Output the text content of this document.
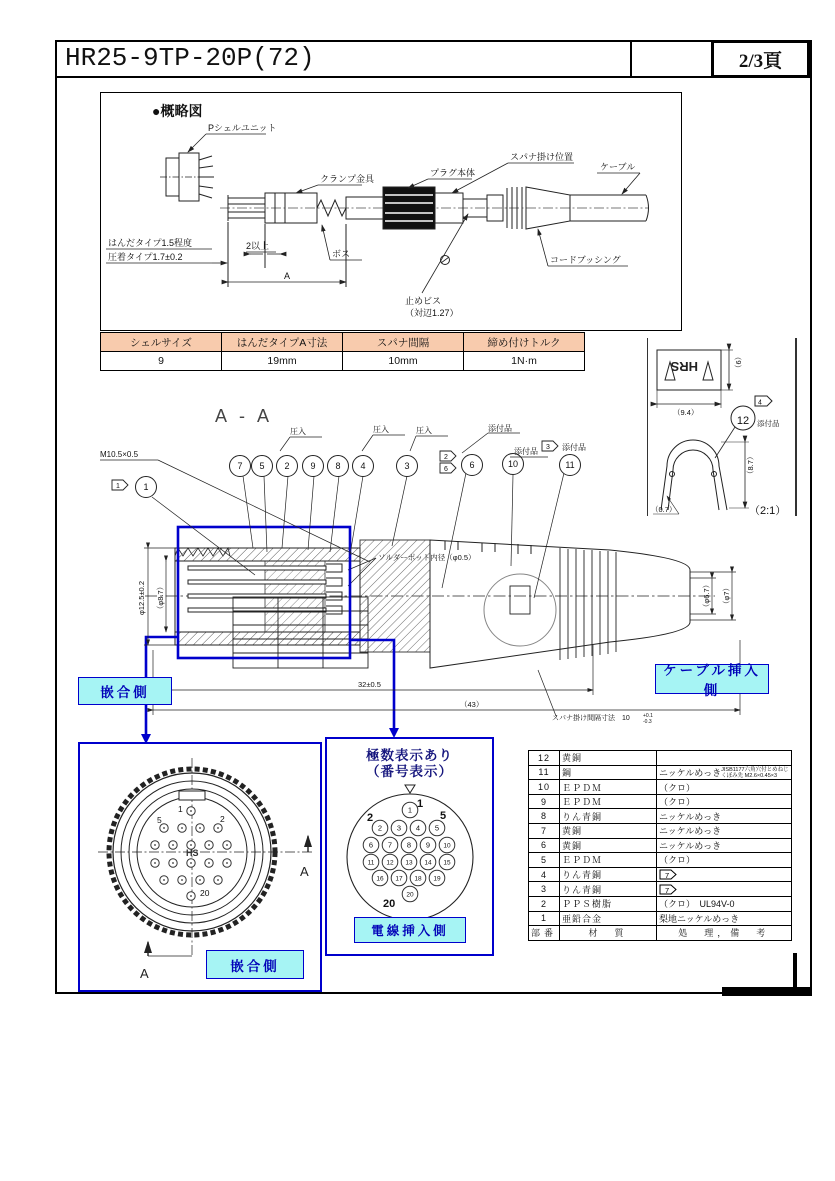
HR25-9TP-20P(72)	2/3頁
●概略図
Pシェルユニット
クランプ金具
プラグ本体
スパナ掛け位置
ケーブル
ボス
コードブッシング
止めビス
（対辺1.27）
はんだタイプ1.5程度
圧着タイプ1.7±0.2
2以上
A
シェルサイズ	はんだタイプA寸法	スパナ間隔	締め付けトルク
9	19mm	10mm	1N·m	HRS
（9.4）
（6）
（8.7）
（0.7）
4
添付品
12
（2:1）
A - A
1
2
6
3
1
7 5 2 9 8 4	3	6	10	11
M10.5×0.5
圧入	圧入	圧入	添付品
添付品	添付品
ソルダーポット内径（φ0.5）
φ12.5±0.2 （φ8.7）	（φ6.7） （φ7）
32±0.5
（43）
スパナ掛け間隔寸法　10	+0.1
-0.3
嵌合側
ケーブル挿入側
HS
1
5	2
20
A
A	嵌合側
極数表示あり
（番号表示）
1
2 3 4 5
6 7 8 9 10
11 12 13 14 15
16 17 18 19
20
1
2	5
20
電線挿入側
12	黄銅	
11	鋼	ニッケルめっきJISB1177六角穴付とめねじ
くぼみ先 M2.6×0.45×3
10	ＥＰＤＭ	（クロ）
9	ＥＰＤＭ	（クロ）
8	りん青銅	ニッケルめっき
7	黄銅	ニッケルめっき
6	黄銅	ニッケルめっき
5	ＥＰＤＭ	（クロ）
4	りん青銅	7

3	りん青銅	7

2	ＰＰＳ樹脂	（クロ）　UL94V-0
1	亜鉛合金	梨地ニッケルめっき
部番	材　質	処　理，備　考
